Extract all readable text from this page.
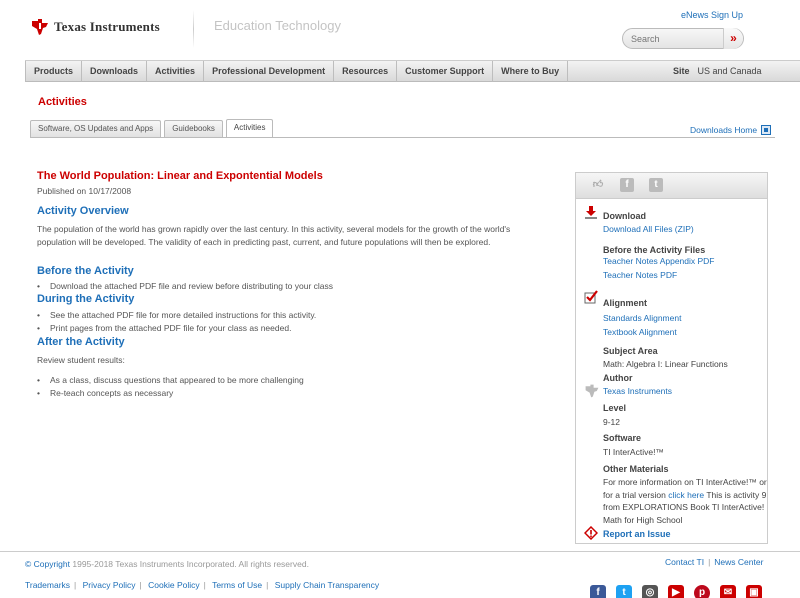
Texas Instruments	Education Technology
eNews Sign Up
Search
»
Products	Downloads	Activities	Professional Development	Resources	Customer Support	Where to Buy	Site US and Canada
Activities
Software, OS Updates and Apps	Guidebooks	Activities	Downloads Home
The World Population: Linear and Expontential Models
Published on 10/17/2008
Activity Overview
The population of the world has grown rapidly over the last century. In this activity, several models for the growth of the world's population will be developed. The validity of each in predicting past, current, and future populations will then be explored.
Before the Activity
• Download the attached PDF file and review before distributing to your class
During the Activity
• See the attached PDF file for more detailed instructions for this activity.
• Print pages from the attached PDF file for your class as needed.
After the Activity
Review student results:
• As a class, discuss questions that appeared to be more challenging
• Re-teach concepts as necessary
👍︎	f	t
Download
Download All Files (ZIP)
Before the Activity Files
Teacher Notes Appendix PDF
Teacher Notes PDF
Alignment
Standards Alignment
Textbook Alignment
Subject Area
Math: Algebra I: Linear Functions
Author
Texas Instruments
Level
9-12
Software
TI InterActive!™
Other Materials
For more information on TI InterActive!™ or for a trial version click here This is activity 9 from EXPLORATIONS Book TI InterActive! Math for High School
Report an Issue
© Copyright 1995-2018 Texas Instruments Incorporated. All rights reserved.	Contact TI | News Center
Trademarks | Privacy Policy | Cookie Policy | Terms of Use | Supply Chain Transparency
f	t	◎	▶	p	✉	▣
